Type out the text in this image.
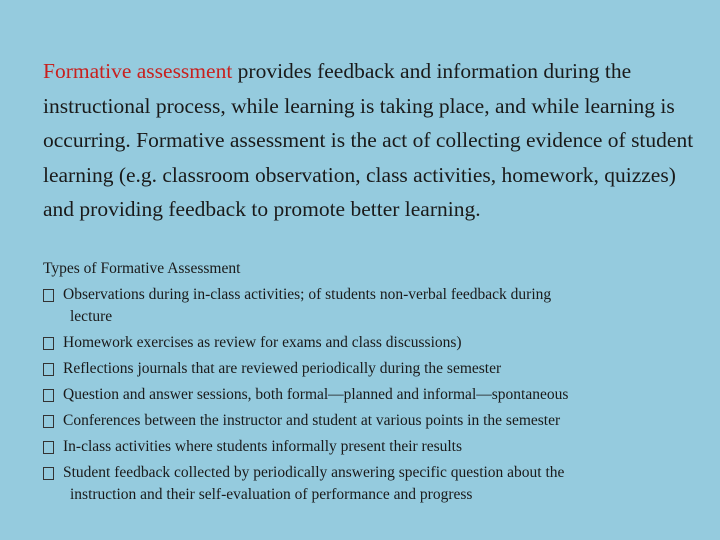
Formative assessment provides feedback and information during the instructional process, while learning is taking place, and while learning is occurring. Formative assessment is the act of collecting evidence of student learning (e.g. classroom observation, class activities, homework, quizzes) and providing feedback to promote better learning.

Types of Formative Assessment

Observations during in-class activities; of students non-verbal feedback during
lecture
Homework exercises as review for exams and class discussions)
Reflections journals that are reviewed periodically during the semester
Question and answer sessions, both formal—planned and informal—spontaneous
Conferences between the instructor and student at various points in the semester
In-class activities where students informally present their results
Student feedback collected by periodically answering specific question about the
instruction and their self-evaluation of performance and progress
